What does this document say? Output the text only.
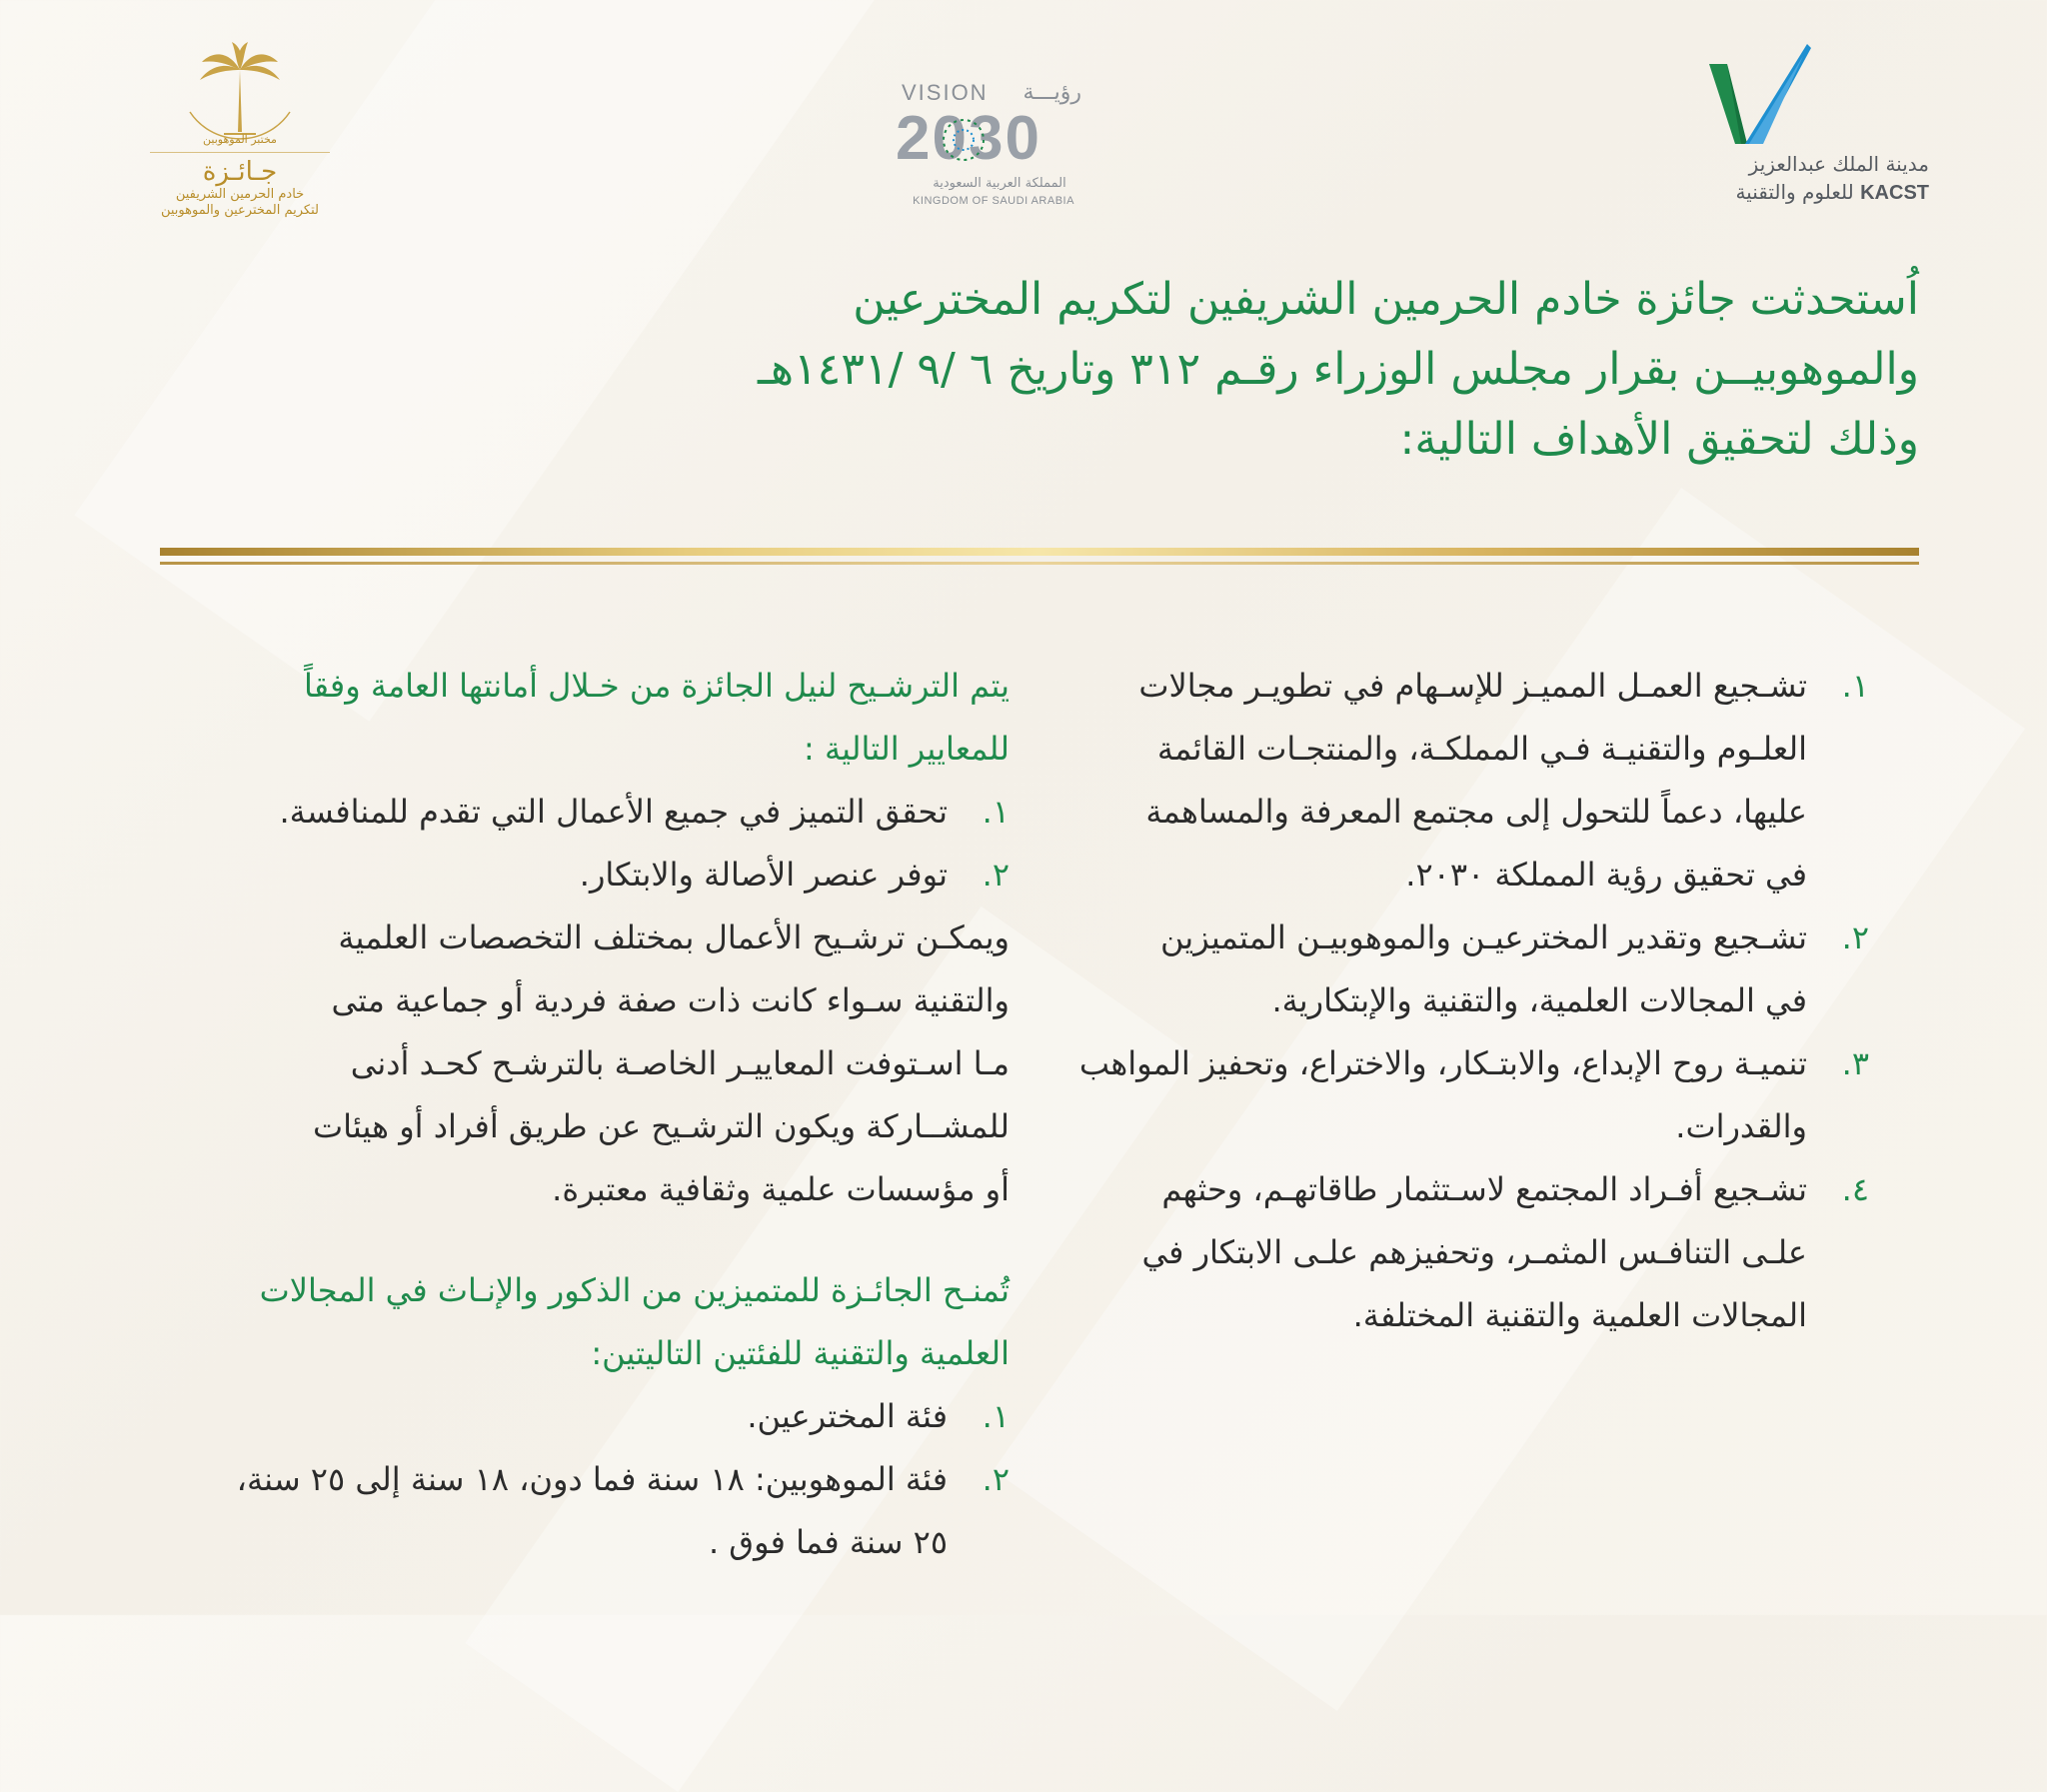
مختبر الموهوبين
جـائـزة
خادم الحرمين الشريفين
لتكريم المخترعين والموهوبين
VISION رؤيـــة
2030
المملكة العربية السعودية
KINGDOM OF SAUDI ARABIA
مدينة الملك عبدالعزيز
للعلوم والتقنية KACST
اُستحدثت جائزة خادم الحرمين الشريفين لتكريم المخترعين
والموهوبيــن بقرار مجلس الوزراء رقـم ٣١٢ وتاريخ ٦ /٩ /١٤٣١هـ
وذلك لتحقيق الأهداف التالية:
١.
تشـجيع العمـل المميـز للإسـهام في تطويـر مجالات
العلـوم والتقنيـة فـي المملكـة، والمنتجـات القائمة
عليها، دعماً للتحول إلى مجتمع المعرفة والمساهمة
في تحقيق رؤية المملكة ٢٠٣٠.
٢.
تشـجيع وتقدير المخترعيـن والموهوبيـن المتميزين
في المجالات العلمية، والتقنية والإبتكارية.
٣.
تنميـة روح الإبداع، والابتـكار، والاختراع، وتحفيز المواهب
والقدرات.
٤.
تشـجيع أفـراد المجتمع لاسـتثمار طاقاتهـم، وحثهم
علـى التنافـس المثمـر، وتحفيزهم علـى الابتكار في
المجالات العلمية والتقنية المختلفة.
يتم الترشـيح لنيل الجائزة من خـلال أمانتها العامة وفقاً
للمعايير التالية :
١.
تحقق التميز في جميع الأعمال التي تقدم للمنافسة.
٢.
توفر عنصر الأصالة والابتكار.
ويمكـن ترشـيح الأعمال بمختلف التخصصات العلمية
والتقنية سـواء كانت ذات صفة فردية أو جماعية متى
مـا اسـتوفت المعاييـر الخاصـة بالترشـح كحـد أدنى
للمشــاركة ويكون الترشـيح عن طريق أفراد أو هيئات
أو مؤسسات علمية وثقافية معتبرة.
تُمنـح الجائـزة للمتميزين من الذكور والإنـاث في المجالات
العلمية والتقنية للفئتين التاليتين:
١.
فئة المخترعين.
٢.
فئة الموهوبين: ١٨ سنة فما دون، ١٨ سنة إلى ٢٥ سنة،
٢٥ سنة فما فوق .
